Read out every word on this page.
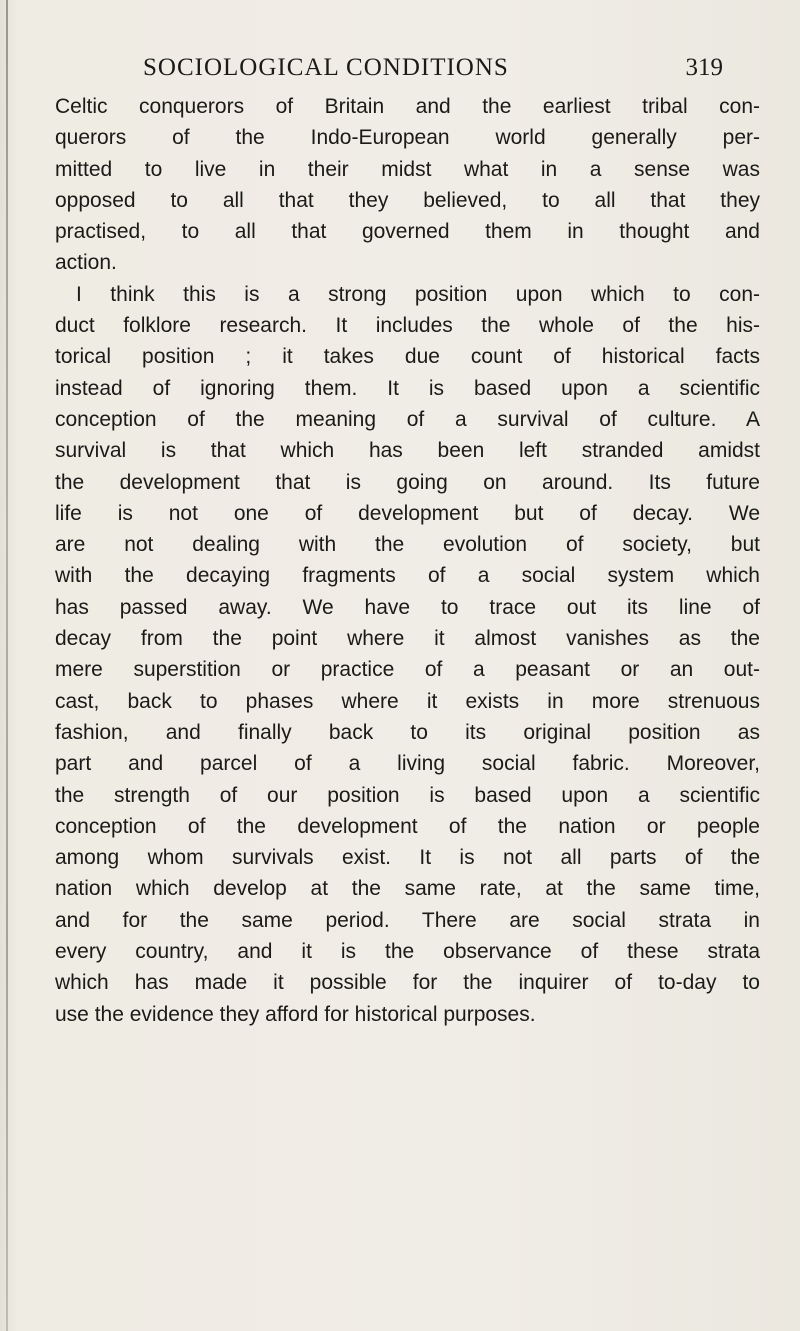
SOCIOLOGICAL CONDITIONS	319
Celtic conquerors of Britain and the earliest tribal con-
querors of the Indo-European world generally per-
mitted to live in their midst what in a sense was
opposed to all that they believed, to all that they
practised, to all that governed them in thought and
action.
I think this is a strong position upon which to con-
duct folklore research. It includes the whole of the his-
torical position ; it takes due count of historical facts
instead of ignoring them. It is based upon a scientific
conception of the meaning of a survival of culture. A
survival is that which has been left stranded amidst
the development that is going on around. Its future
life is not one of development but of decay. We
are not dealing with the evolution of society, but
with the decaying fragments of a social system which
has passed away. We have to trace out its line of
decay from the point where it almost vanishes as the
mere superstition or practice of a peasant or an out-
cast, back to phases where it exists in more strenuous
fashion, and finally back to its original position as
part and parcel of a living social fabric. Moreover,
the strength of our position is based upon a scientific
conception of the development of the nation or people
among whom survivals exist. It is not all parts of the
nation which develop at the same rate, at the same time,
and for the same period. There are social strata in
every country, and it is the observance of these strata
which has made it possible for the inquirer of to-day to
use the evidence they afford for historical purposes.
